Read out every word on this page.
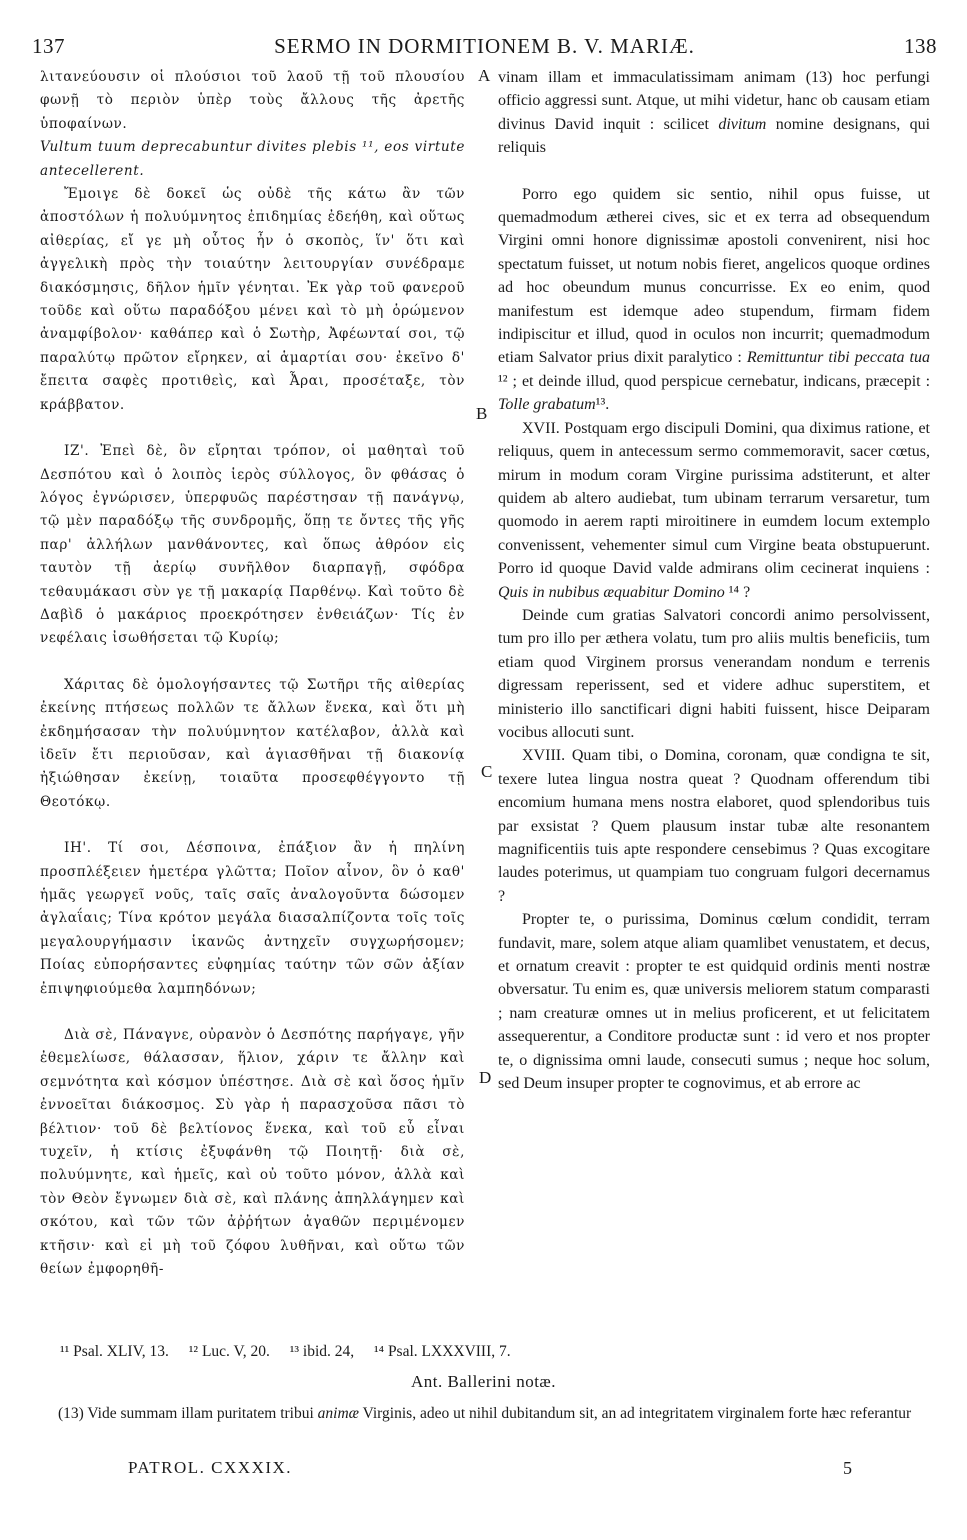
137	SERMO IN DORMITIONEM B. V. MARIÆ.	138
A
B
C
D

λιτανεύουσιν οἱ πλούσιοι τοῦ λαοῦ τῇ τοῦ πλουσίου φωνῇ τὸ περιὸν ὑπὲρ τοὺς ἄλλους τῆς ἀρετῆς ὑποφαίνων.

Vultum tuum deprecabuntur divites plebis ¹¹, eos virtute antecellerent.

Ἔμοιγε δὲ δοκεῖ ὡς οὐδὲ τῆς κάτω ἂν τῶν ἀποστόλων ἡ πολυύμνητος ἐπιδημίας ἐδεήθη, καὶ οὕτως αἰθερίας, εἴ γε μὴ οὗτος ἦν ὁ σκοπὸς, ἵν' ὅτι καὶ ἀγγελικὴ πρὸς τὴν τοιαύτην λειτουργίαν συνέδραμε διακόσμησις, δῆλον ἡμῖν γένηται. Ἐκ γὰρ τοῦ φανεροῦ τοῦδε καὶ οὕτω παραδόξου μένει καὶ τὸ μὴ ὁρώμενον ἀναμφίβολον· καθάπερ καὶ ὁ Σωτὴρ, Ἀφέωνταί σοι, τῷ παραλύτῳ πρῶτον εἴρηκεν, αἱ ἁμαρτίαι σου· ἐκεῖνο δ' ἔπειτα σαφὲς προτιθεὶς, καὶ Ἆραι, προσέταξε, τὸν κράββατον.

ΙΖ'. Ἐπεὶ δὲ, ὃν εἴρηται τρόπον, οἱ μαθηταὶ τοῦ Δεσπότου καὶ ὁ λοιπὸς ἱερὸς σύλλογος, ὃν φθάσας ὁ λόγος ἐγνώρισεν, ὑπερφυῶς παρέστησαν τῇ πανάγνῳ, τῷ μὲν παραδόξῳ τῆς συνδρομῆς, ὅπῃ τε ὄντες τῆς γῆς παρ' ἀλλήλων μανθάνοντες, καὶ ὅπως ἀθρόον εἰς ταυτὸν τῇ ἀερίῳ συνῆλθον διαρπαγῇ, σφόδρα τεθαυμάκασι σὺν γε τῇ μακαρίᾳ Παρθένῳ. Καὶ τοῦτο δὲ Δαβὶδ ὁ μακάριος προεκρότησεν ἐνθειάζων· Τίς ἐν νεφέλαις ἰσωθήσεται τῷ Κυρίῳ;

Χάριτας δὲ ὁμολογήσαντες τῷ Σωτῆρι τῆς αἰθερίας ἐκείνης πτήσεως πολλῶν τε ἄλλων ἕνεκα, καὶ ὅτι μὴ ἐκδημήσασαν τὴν πολυύμνητον κατέλαβον, ἀλλὰ καὶ ἰδεῖν ἔτι περιοῦσαν, καὶ ἁγιασθῆναι τῇ διακονίᾳ ἠξιώθησαν ἐκείνῃ, τοιαῦτα προσεφθέγγοντο τῇ Θεοτόκῳ.

ΙΗ'. Τί σοι, Δέσποινα, ἐπάξιον ἂν ἡ πηλίνη προσπλέξειεν ἡμετέρα γλῶττα; Ποῖον αἶνον, ὃν ὁ καθ' ἡμᾶς γεωργεῖ νοῦς, ταῖς σαῖς ἀναλογοῦντα δώσομεν ἀγλαΐαις; Τίνα κρότον μεγάλα διασαλπίζοντα τοῖς τοῖς μεγαλουργήμασιν ἱκανῶς ἀντηχεῖν συγχωρήσομεν; Ποίας εὐπορήσαντες εὐφημίας ταύτην τῶν σῶν ἀξίαν ἐπιψηφιούμεθα λαμπηδόνων;

Διὰ σὲ, Πάναγνε, οὐρανὸν ὁ Δεσπότης παρήγαγε, γῆν ἐθεμελίωσε, θάλασσαν, ἥλιον, χάριν τε ἄλλην καὶ σεμνότητα καὶ κόσμον ὑπέστησε. Διὰ σὲ καὶ ὅσος ἡμῖν ἐννοεῖται διάκοσμος. Σὺ γὰρ ἡ παρασχοῦσα πᾶσι τὸ βέλτιον· τοῦ δὲ βελτίονος ἕνεκα, καὶ τοῦ εὖ εἶναι τυχεῖν, ἡ κτίσις ἐξυφάνθη τῷ Ποιητῇ· διὰ σὲ, πολυύμνητε, καὶ ἡμεῖς, καὶ οὐ τοῦτο μόνον, ἀλλὰ καὶ τὸν Θεὸν ἔγνωμεν διὰ σὲ, καὶ πλάνης ἀπηλλάγημεν καὶ σκότου, καὶ τῶν τῶν ἀῤῥήτων ἀγαθῶν περιμένομεν κτῆσιν· καὶ εἰ μὴ τοῦ ζόφου λυθῆναι, καὶ οὕτω τῶν θείων ἐμφορηθῆ-

vinam illam et immaculatissimam animam (13) hoc perfungi officio aggressi sunt. Atque, ut mihi videtur, hanc ob causam etiam divinus David inquit : scilicet divitum nomine designans, qui reliquis

Porro ego quidem sic sentio, nihil opus fuisse, ut quemadmodum ætherei cives, sic et ex terra ad obsequendum Virgini omni honore dignissimæ apostoli convenirent, nisi hoc spectatum fuisset, ut notum nobis fieret, angelicos quoque ordines ad hoc obeundum munus concurrisse. Ex eo enim, quod manifestum est idemque adeo stupendum, firmam fidem indipiscitur et illud, quod in oculos non incurrit; quemadmodum etiam Salvator prius dixit paralytico : Remittuntur tibi peccata tua ¹² ; et deinde illud, quod perspicue cernebatur, indicans, præcepit : Tolle grabatum¹³.

XVII. Postquam ergo discipuli Domini, qua diximus ratione, et reliquus, quem in antecessum sermo commemoravit, sacer cœtus, mirum in modum coram Virgine purissima adstiterunt, et alter quidem ab altero audiebat, tum ubinam terrarum versaretur, tum quomodo in aerem rapti miroitinere in eumdem locum extemplo convenissent, vehementer simul cum Virgine beata obstupuerunt. Porro id quoque David valde admirans olim cecinerat inquiens : Quis in nubibus æquabitur Domino ¹⁴ ?

Deinde cum gratias Salvatori concordi animo persolvissent, tum pro illo per æthera volatu, tum pro aliis multis beneficiis, tum etiam quod Virginem prorsus venerandam nondum e terrenis digressam reperissent, sed et videre adhuc superstitem, et ministerio illo sanctificari digni habiti fuissent, hisce Deiparam vocibus allocuti sunt.

XVIII. Quam tibi, o Domina, coronam, quæ condigna te sit, texere lutea lingua nostra queat ? Quodnam offerendum tibi encomium humana mens nostra elaboret, quod splendoribus tuis par exsistat ? Quem plausum instar tubæ alte resonantem magnificentiis tuis apte respondere censebimus ? Quas excogitare laudes poterimus, ut quampiam tuo congruam fulgori decernamus ?

Propter te, o purissima, Dominus cœlum condidit, terram fundavit, mare, solem atque aliam quamlibet venustatem, et decus, et ornatum creavit : propter te est quidquid ordinis menti nostræ obversatur. Tu enim es, quæ universis meliorem statum comparasti ; nam creaturæ omnes ut in melius proficerent, et ut felicitatem assequerentur, a Conditore productæ sunt : id vero et nos propter te, o dignissima omni laude, consecuti sumus ; neque hoc solum, sed Deum insuper propter te cognovimus, et ab errore ac

¹¹ Psal. XLIV, 13. ¹² Luc. V, 20. ¹³ ibid. 24, ¹⁴ Psal. LXXXVIII, 7.
Ant. Ballerini notæ.
(13) Vide summam illam puritatem tribui animæ Virginis, adeo ut nihil dubitandum sit, an ad integritatem virginalem forte hæc referantur
PATROL. CXXXIX.	5
